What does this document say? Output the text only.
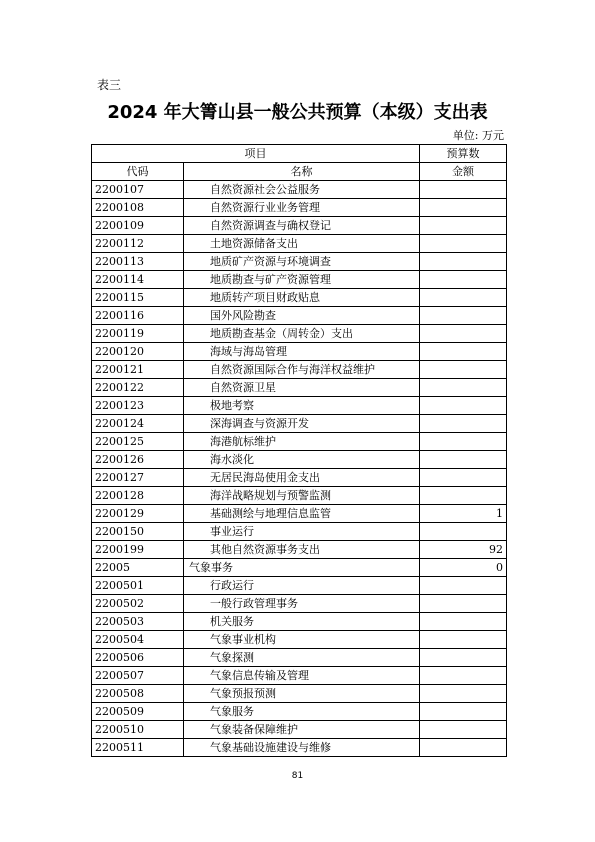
表三
2024 年大箐山县一般公共预算（本级）支出表
单位: 万元
项目		预算数
代码	名称	金额
2200107	自然资源社会公益服务	
2200108	自然资源行业业务管理	
2200109	自然资源调查与确权登记	
2200112	土地资源储备支出	
2200113	地质矿产资源与环境调查	
2200114	地质勘查与矿产资源管理	
2200115	地质转产项目财政贴息	
2200116	国外风险勘查	
2200119	地质勘查基金（周转金）支出	
2200120	海域与海岛管理	
2200121	自然资源国际合作与海洋权益维护	
2200122	自然资源卫星	
2200123	极地考察	
2200124	深海调查与资源开发	
2200125	海港航标维护	
2200126	海水淡化	
2200127	无居民海岛使用金支出	
2200128	海洋战略规划与预警监测	
2200129	基础测绘与地理信息监管	1
2200150	事业运行	
2200199	其他自然资源事务支出	92
22005	气象事务	0
2200501	行政运行	
2200502	一般行政管理事务	
2200503	机关服务	
2200504	气象事业机构	
2200506	气象探测	
2200507	气象信息传输及管理	
2200508	气象预报预测	
2200509	气象服务	
2200510	气象装备保障维护	
2200511	气象基础设施建设与维修	
81
